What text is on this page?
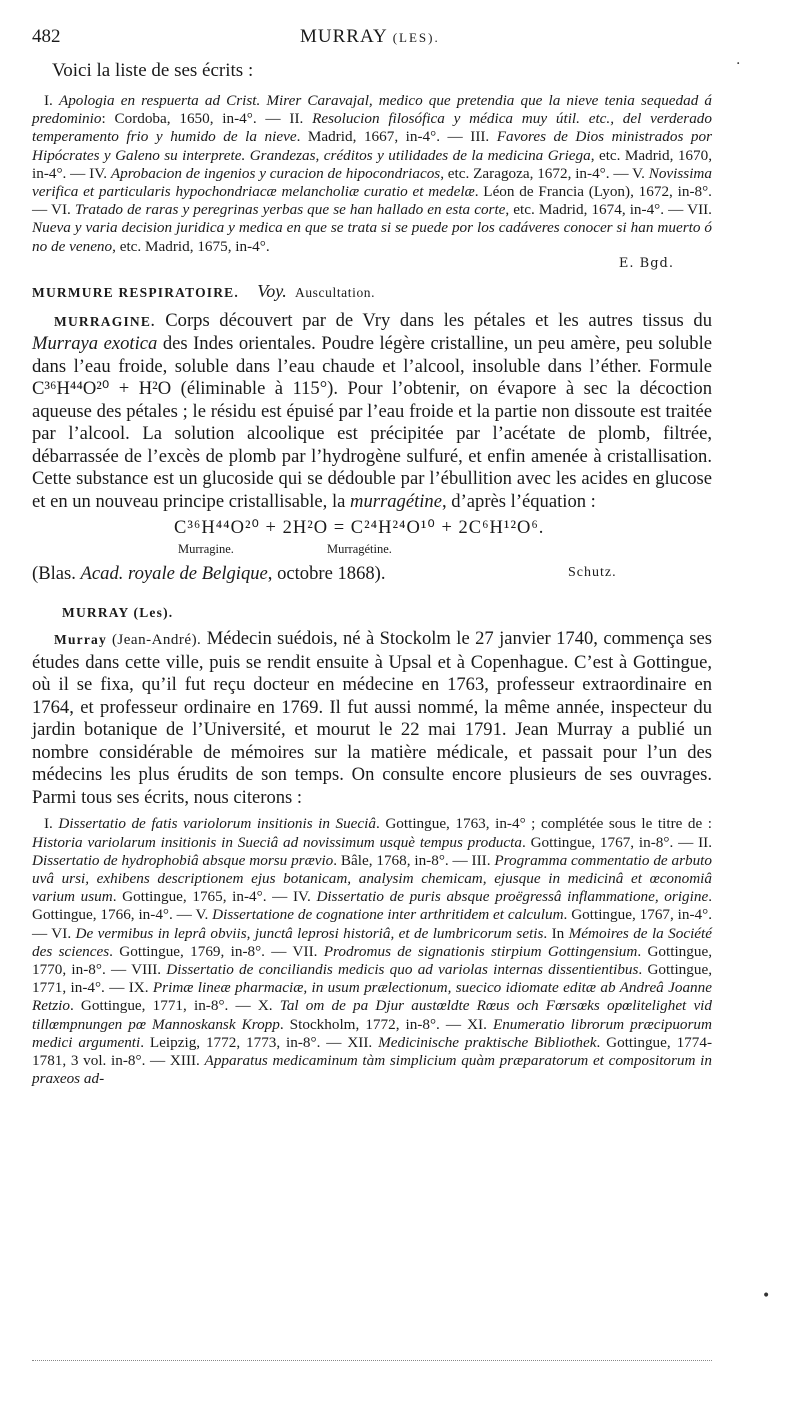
482	MURRAY (LES).

Voici la liste de ses écrits :

I. Apologia en respuerta ad Crist. Mirer Caravajal, medico que pretendia que la nieve tenia sequedad á predominio: Cordoba, 1650, in-4°. — II. Resolucion filosófica y médica muy útil. etc., del verderado temperamento frio y humido de la nieve. Madrid, 1667, in-4°. — III. Favores de Dios ministrados por Hipócrates y Galeno su interprete. Grandezas, créditos y utilidades de la medicina Griega, etc. Madrid, 1670, in-4°. — IV. Aprobacion de ingenios y curacion de hipocondriacos, etc. Zaragoza, 1672, in-4°. — V. Novissima verifica et particularis hypochondriacæ melancholiæ curatio et medelæ. Léon de Francia (Lyon), 1672, in-8°. — VI. Tratado de raras y peregrinas yerbas que se han hallado en esta corte, etc. Madrid, 1674, in-4°. — VII. Nueva y varia decision juridica y medica en que se trata si se puede por los cadáveres conocer si han muerto ó no de veneno, etc. Madrid, 1675, in-4°.

E. Bgd.
MURMURE RESPIRATOIRE. Voy. Auscultation.

MURRAGINE. Corps découvert par de Vry dans les pétales et les autres tissus du Murraya exotica des Indes orientales. Poudre légère cristalline, un peu amère, peu soluble dans l’eau froide, soluble dans l’eau chaude et l’alcool, insoluble dans l’éther. Formule C³⁶H⁴⁴O²⁰ + H²O (éliminable à 115°). Pour l’obtenir, on évapore à sec la décoction aqueuse des pétales ; le résidu est épuisé par l’eau froide et la partie non dissoute est traitée par l’alcool. La solution alcoolique est précipitée par l’acétate de plomb, filtrée, débarrassée de l’excès de plomb par l’hydrogène sulfuré, et enfin amenée à cristallisation. Cette substance est un glucoside qui se dédouble par l’ébullition avec les acides en glucose et en un nouveau principe cristallisable, la murragétine, d’après l’équation :

C³⁶H⁴⁴O²⁰ + 2H²O = C²⁴H²⁴O¹⁰ + 2C⁶H¹²O⁶.
Murragine.	Murragétine.
(Blas. Acad. royale de Belgique, octobre 1868).	Schutz.
MURRAY (Les).

Murray (Jean-André). Médecin suédois, né à Stockolm le 27 janvier 1740, commença ses études dans cette ville, puis se rendit ensuite à Upsal et à Copenhague. C’est à Gottingue, où il se fixa, qu’il fut reçu docteur en médecine en 1763, professeur extraordinaire en 1764, et professeur ordinaire en 1769. Il fut aussi nommé, la même année, inspecteur du jardin botanique de l’Université, et mourut le 22 mai 1791. Jean Murray a publié un nombre considérable de mémoires sur la matière médicale, et passait pour l’un des médecins les plus érudits de son temps. On consulte encore plusieurs de ses ouvrages. Parmi tous ses écrits, nous citerons :

I. Dissertatio de fatis variolorum insitionis in Sueciâ. Gottingue, 1763, in-4° ; complétée sous le titre de : Historia variolarum insitionis in Sueciâ ad novissimum usquè tempus producta. Gottingue, 1767, in-8°. — II. Dissertatio de hydrophobiâ absque morsu prævio. Bâle, 1768, in-8°. — III. Programma commentatio de arbuto uvâ ursi, exhibens descriptionem ejus botanicam, analysim chemicam, ejusque in medicinâ et œconomiâ varium usum. Gottingue, 1765, in-4°. — IV. Dissertatio de puris absque proëgressâ inflammatione, origine. Gottingue, 1766, in-4°. — V. Dissertatione de cognatione inter arthritidem et calculum. Gottingue, 1767, in-4°. — VI. De vermibus in leprâ obviis, junctâ leprosi historiâ, et de lumbricorum setis. In Mémoires de la Société des sciences. Gottingue, 1769, in-8°. — VII. Prodromus de signationis stirpium Gottingensium. Gottingue, 1770, in-8°. — VIII. Dissertatio de conciliandis medicis quo ad variolas internas dissentientibus. Gottingue, 1771, in-4°. — IX. Primæ lineæ pharmaciæ, in usum prælectionum, suecico idiomate editæ ab Andreâ Joanne Retzio. Gottingue, 1771, in-8°. — X. Tal om de pa Djur austœldte Rœus och Fœrsœks opœlitelighet vid tillœmpnungen pœ Mannoskansk Kropp. Stockholm, 1772, in-8°. — XI. Enumeratio librorum præcipuorum medici argumenti. Leipzig, 1772, 1773, in-8°. — XII. Medicinische praktische Bibliothek. Gottingue, 1774-1781, 3 vol. in-8°. — XIII. Apparatus medicaminum tàm simplicium quàm præparatorum et compositorum in praxeos ad-

·
•
